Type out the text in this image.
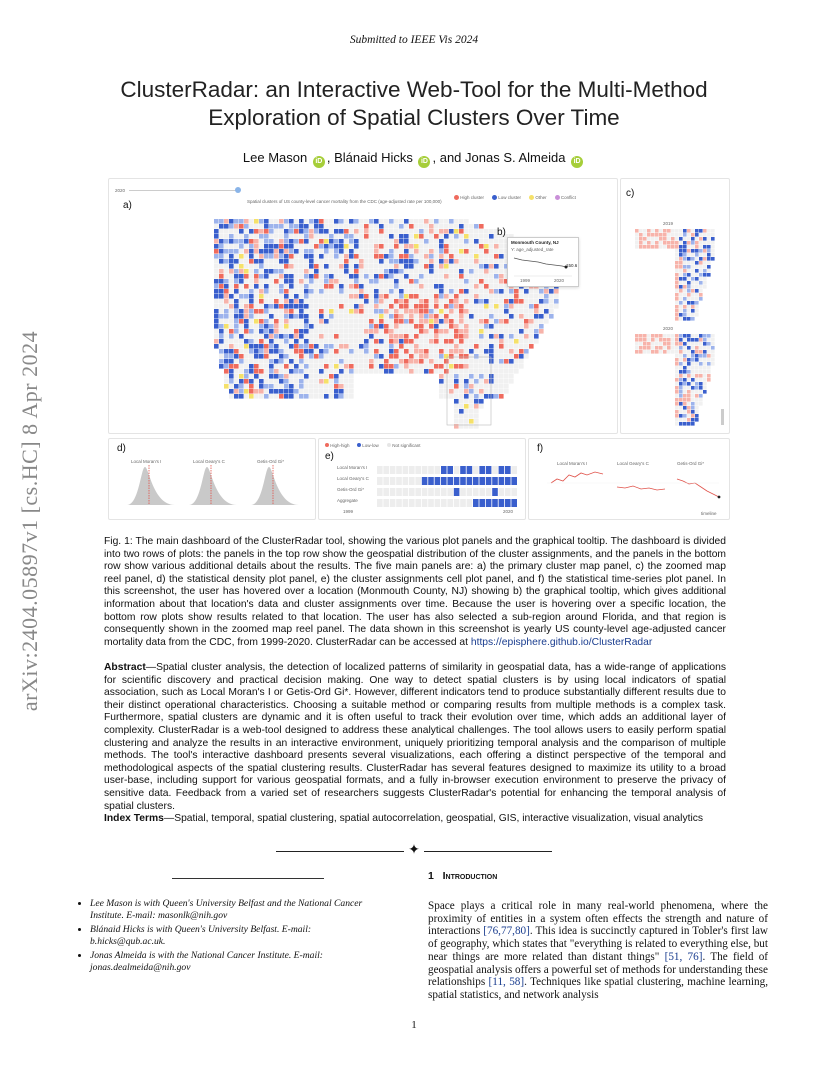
Submitted to IEEE Vis 2024
ClusterRadar: an Interactive Web-Tool for the Multi-Method
Exploration of Spatial Clusters Over Time
Lee Mason iD , Blánaid Hicks iD , and Jonas S. Almeida iD
arXiv:2404.05897v1 [cs.HC] 8 Apr 2024
2020
Spatial clusters of US county-level cancer mortality from the CDC (age-adjusted rate per 100,000)
a)
High cluster	Low cluster	Other	Conflict
b)
Monmouth County, NJ
Y: age_adjusted_rate
150.6
1999	2020
c)
2019
2020
d)
Local Moran's I	Local Geary's C	Getis-Ord Gi*	e)
High-high	Low-low	Not significant
Local Moran's I
Local Geary's C
Getis-Ord Gi*
Aggregate
1999	2020
f)
Local Moran's I	Local Geary's C	Getis-Ord Gi*
timeline
Fig. 1: The main dashboard of the ClusterRadar tool, showing the various plot panels and the graphical tooltip. The dashboard is divided into two rows of plots: the panels in the top row show the geospatial distribution of the cluster assignments, and the panels in the bottom row show various additional details about the results. The five main panels are: a) the primary cluster map panel, c) the zoomed map reel panel, d) the statistical density plot panel, e) the cluster assignments cell plot panel, and f) the statistical time-series plot panel. In this screenshot, the user has hovered over a location (Monmouth County, NJ) showing b) the graphical tooltip, which gives additional information about that location's data and cluster assignments over time. Because the user is hovering over a specific location, the bottom row plots show results related to that location. The user has also selected a sub-region around Florida, and that region is consequently shown in the zoomed map reel panel. The data shown in this screenshot is yearly US county-level age-adjusted cancer mortality data from the CDC, from 1999-2020. ClusterRadar can be accessed at https://episphere.github.io/ClusterRadar
Abstract—Spatial cluster analysis, the detection of localized patterns of similarity in geospatial data, has a wide-range of applications for scientific discovery and practical decision making. One way to detect spatial clusters is by using local indicators of spatial association, such as Local Moran's I or Getis-Ord Gi*. However, different indicators tend to produce substantially different results due to their distinct operational characteristics. Choosing a suitable method or comparing results from multiple methods is a complex task. Furthermore, spatial clusters are dynamic and it is often useful to track their evolution over time, which adds an additional layer of complexity. ClusterRadar is a web-tool designed to address these analytical challenges. The tool allows users to easily perform spatial clustering and analyze the results in an interactive environment, uniquely prioritizing temporal analysis and the comparison of multiple methods. The tool's interactive dashboard presents several visualizations, each offering a distinct perspective of the temporal and methodological aspects of the spatial clustering results. ClusterRadar has several features designed to maximize its utility to a broad user-base, including support for various geospatial formats, and a fully in-browser execution environment to preserve the privacy of sensitive data. Feedback from a varied set of researchers suggests ClusterRadar's potential for enhancing the temporal analysis of spatial clusters.
Index Terms—Spatial, temporal, spatial clustering, spatial autocorrelation, geospatial, GIS, interactive visualization, visual analytics
✦
• Lee Mason is with Queen's University Belfast and the National Cancer Institute. E-mail: masonlk@nih.gov
• Blánaid Hicks is with Queen's University Belfast. E-mail: b.hicks@qub.ac.uk.
• Jonas Almeida is with the National Cancer Institute. E-mail: jonas.dealmeida@nih.gov
1 Introduction
Space plays a critical role in many real-world phenomena, where the proximity of entities in a system often effects the strength and nature of interactions [76,77,80]. This idea is succinctly captured in Tobler's first law of geography, which states that "everything is related to everything else, but near things are more related than distant things" [51, 76]. The field of geospatial analysis offers a powerful set of methods for understanding these relationships [11, 58]. Techniques like spatial clustering, machine learning, spatial statistics, and network analysis
1
